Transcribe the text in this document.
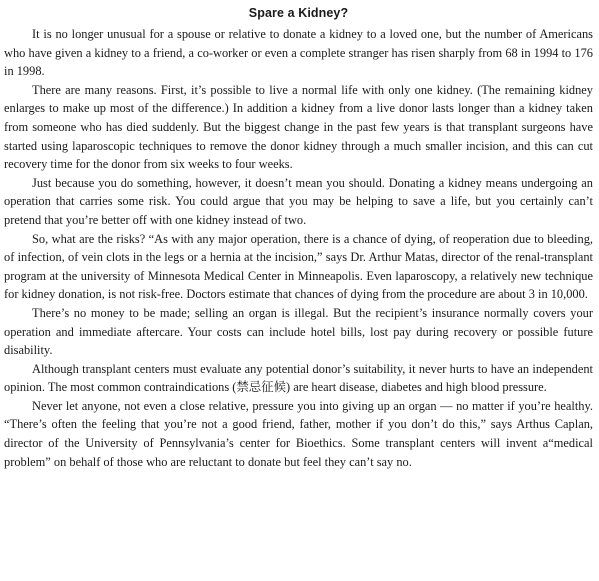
Spare a Kidney?

It is no longer unusual for a spouse or relative to donate a kidney to a loved one, but the number of Americans who have given a kidney to a friend, a co-worker or even a complete stranger has risen sharply from 68 in 1994 to 176 in 1998.

There are many reasons. First, it’s possible to live a normal life with only one kidney. (The remaining kidney enlarges to make up most of the difference.) In addition a kidney from a live donor lasts longer than a kidney taken from someone who has died suddenly. But the biggest change in the past few years is that transplant surgeons have started using laparoscopic techniques to remove the donor kidney through a much smaller incision, and this can cut recovery time for the donor from six weeks to four weeks.

Just because you do something, however, it doesn’t mean you should. Donating a kidney means undergoing an operation that carries some risk. You could argue that you may be helping to save a life, but you certainly can’t pretend that you’re better off with one kidney instead of two.

So, what are the risks? “As with any major operation, there is a chance of dying, of reoperation due to bleeding, of infection, of vein clots in the legs or a hernia at the incision,” says Dr. Arthur Matas, director of the renal-transplant program at the university of Minnesota Medical Center in Minneapolis. Even laparoscopy, a relatively new technique for kidney donation, is not risk-free. Doctors estimate that chances of dying from the procedure are about 3 in 10,000.

There’s no money to be made; selling an organ is illegal. But the recipient’s insurance normally covers your operation and immediate aftercare. Your costs can include hotel bills, lost pay during recovery or possible future disability.

Although transplant centers must evaluate any potential donor’s suitability, it never hurts to have an independent opinion. The most common contraindications (禁忌征候) are heart disease, diabetes and high blood pressure.

Never let anyone, not even a close relative, pressure you into giving up an organ — no matter if you’re healthy. “There’s often the feeling that you’re not a good friend, father, mother if you don’t do this,” says Arthus Caplan, director of the University of Pennsylvania’s center for Bioethics. Some transplant centers will invent a“medical problem” on behalf of those who are reluctant to donate but feel they can’t say no.
